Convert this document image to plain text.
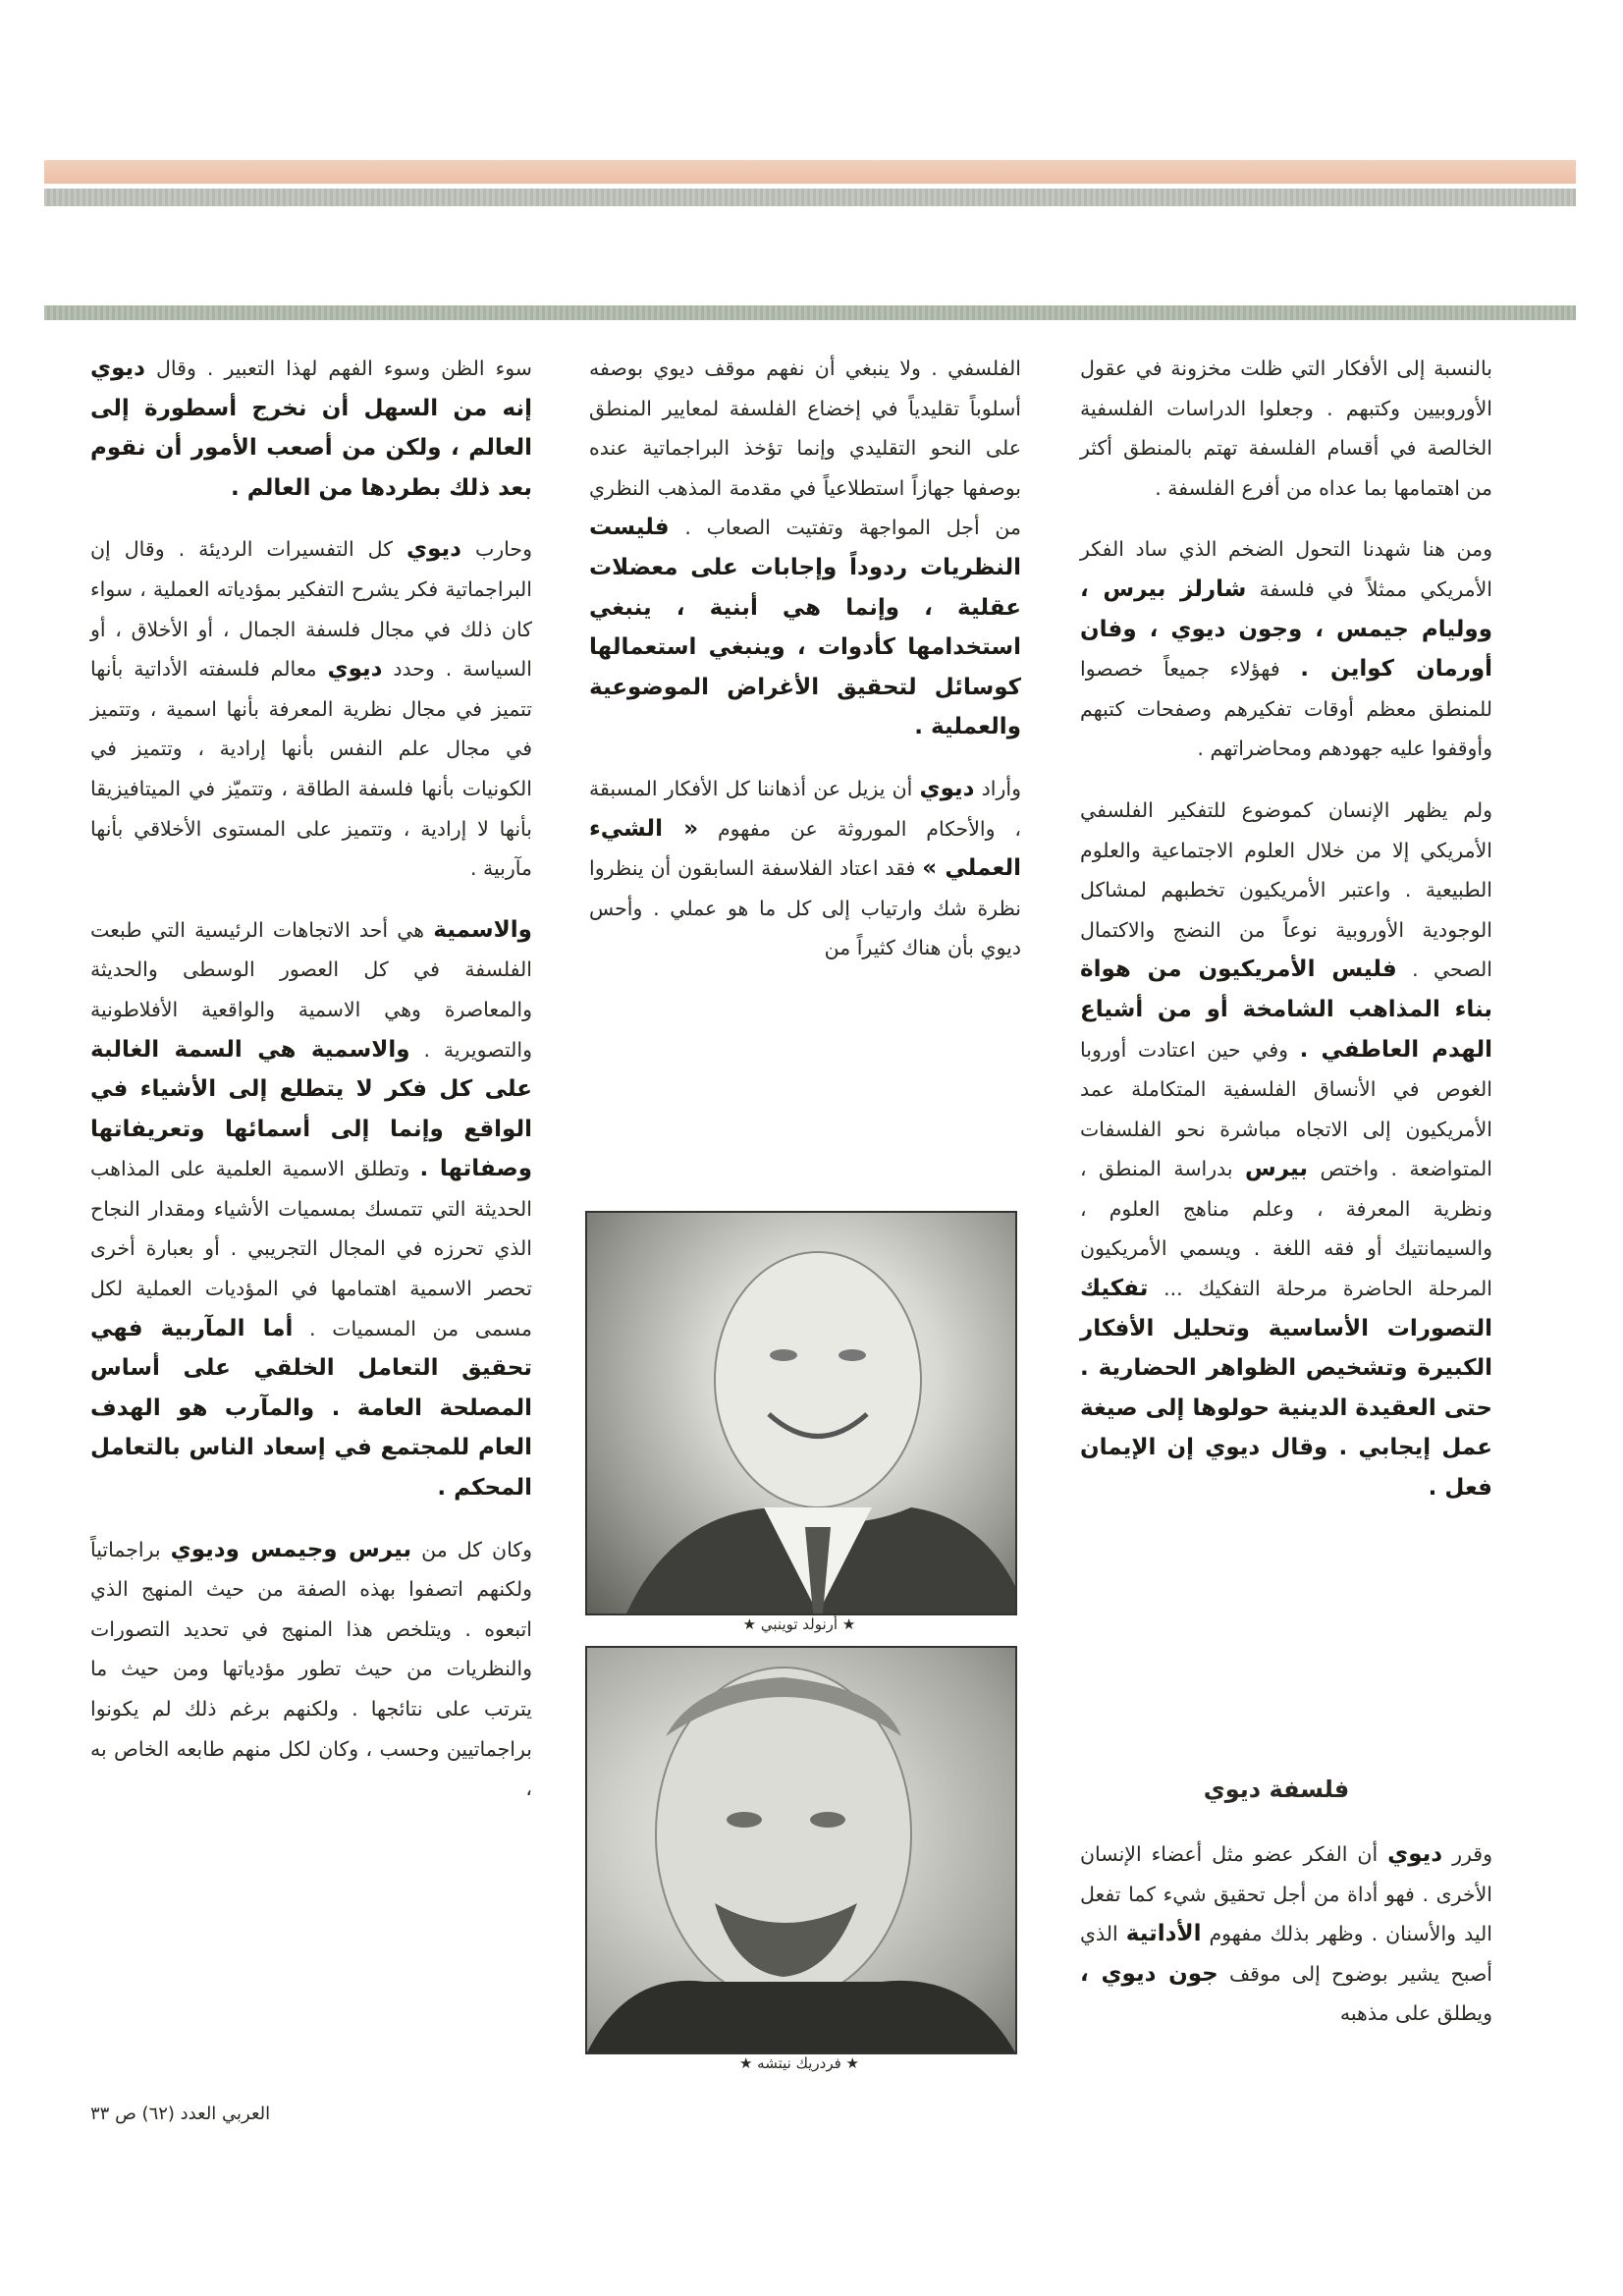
بالنسبة إلى الأفكار التي ظلت مخزونة في عقول الأوروبيين وكتبهم . وجعلوا الدراسات الفلسفية الخالصة في أقسام الفلسفة تهتم بالمنطق أكثر من اهتمامها بما عداه من أفرع الفلسفة .

ومن هنا شهدنا التحول الضخم الذي ساد الفكر الأمريكي ممثلاً في فلسفة شارلز بيرس ، ووليام جيمس ، وجون ديوي ، وفان أورمان كواين . فهؤلاء جميعاً خصصوا للمنطق معظم أوقات تفكيرهم وصفحات كتبهم وأوقفوا عليه جهودهم ومحاضراتهم .

ولم يظهر الإنسان كموضوع للتفكير الفلسفي الأمريكي إلا من خلال العلوم الاجتماعية والعلوم الطبيعية . واعتبر الأمريكيون تخطبهم لمشاكل الوجودية الأوروبية نوعاً من النضج والاكتمال الصحي . فليس الأمريكيون من هواة بناء المذاهب الشامخة أو من أشياع الهدم العاطفي . وفي حين اعتادت أوروبا الغوص في الأنساق الفلسفية المتكاملة عمد الأمريكيون إلى الاتجاه مباشرة نحو الفلسفات المتواضعة . واختص بيرس بدراسة المنطق ، ونظرية المعرفة ، وعلم مناهج العلوم ، والسيمانتيك أو فقه اللغة . ويسمي الأمريكيون المرحلة الحاضرة مرحلة التفكيك ... تفكيك التصورات الأساسية وتحليل الأفكار الكبيرة وتشخيص الظواهر الحضارية . حتى العقيدة الدينية حولوها إلى صيغة عمل إيجابي . وقال ديوي إن الإيمان فعل .

فلسفة ديوي

وقرر ديوي أن الفكر عضو مثل أعضاء الإنسان الأخرى . فهو أداة من أجل تحقيق شيء كما تفعل اليد والأسنان . وظهر بذلك مفهوم الأداتية الذي أصبح يشير بوضوح إلى موقف جون ديوي ، ويطلق على مذهبه

الفلسفي . ولا ينبغي أن نفهم موقف ديوي بوصفه أسلوباً تقليدياً في إخضاع الفلسفة لمعايير المنطق على النحو التقليدي وإنما تؤخذ البراجماتية عنده بوصفها جهازاً استطلاعياً في مقدمة المذهب النظري من أجل المواجهة وتفتيت الصعاب . فليست النظريات ردوداً وإجابات على معضلات عقلية ، وإنما هي أبنية ، ينبغي استخدامها كأدوات ، وينبغي استعمالها كوسائل لتحقيق الأغراض الموضوعية والعملية .

وأراد ديوي أن يزيل عن أذهاننا كل الأفكار المسبقة ، والأحكام الموروثة عن مفهوم « الشيء العملي » فقد اعتاد الفلاسفة السابقون أن ينظروا نظرة شك وارتياب إلى كل ما هو عملي . وأحس ديوي بأن هناك كثيراً من

★ أرنولد توينبي ★
★ فردريك نيتشه ★

سوء الظن وسوء الفهم لهذا التعبير . وقال ديوي إنه من السهل أن نخرج أسطورة إلى العالم ، ولكن من أصعب الأمور أن نقوم بعد ذلك بطردها من العالم .

وحارب ديوي كل التفسيرات الرديئة . وقال إن البراجماتية فكر يشرح التفكير بمؤدياته العملية ، سواء كان ذلك في مجال فلسفة الجمال ، أو الأخلاق ، أو السياسة . وحدد ديوي معالم فلسفته الأداتية بأنها تتميز في مجال نظرية المعرفة بأنها اسمية ، وتتميز في مجال علم النفس بأنها إرادية ، وتتميز في الكونيات بأنها فلسفة الطاقة ، وتتميّز في الميتافيزيقا بأنها لا إرادية ، وتتميز على المستوى الأخلاقي بأنها مآربية .

والاسمية هي أحد الاتجاهات الرئيسية التي طبعت الفلسفة في كل العصور الوسطى والحديثة والمعاصرة وهي الاسمية والواقعية الأفلاطونية والتصويرية . والاسمية هي السمة الغالبة على كل فكر لا يتطلع إلى الأشياء في الواقع وإنما إلى أسمائها وتعريفاتها وصفاتها . وتطلق الاسمية العلمية على المذاهب الحديثة التي تتمسك بمسميات الأشياء ومقدار النجاح الذي تحرزه في المجال التجريبي . أو بعبارة أخرى تحصر الاسمية اهتمامها في المؤديات العملية لكل مسمى من المسميات . أما المآربية فهي تحقيق التعامل الخلقي على أساس المصلحة العامة . والمآرب هو الهدف العام للمجتمع في إسعاد الناس بالتعامل المحكم .

وكان كل من بيرس وجيمس وديوي براجماتياً ولكنهم اتصفوا بهذه الصفة من حيث المنهج الذي اتبعوه . ويتلخص هذا المنهج في تحديد التصورات والنظريات من حيث تطور مؤدياتها ومن حيث ما يترتب على نتائجها . ولكنهم برغم ذلك لم يكونوا براجماتيين وحسب ، وكان لكل منهم طابعه الخاص به ،

العربي العدد (٦٢) ص ٣٣
